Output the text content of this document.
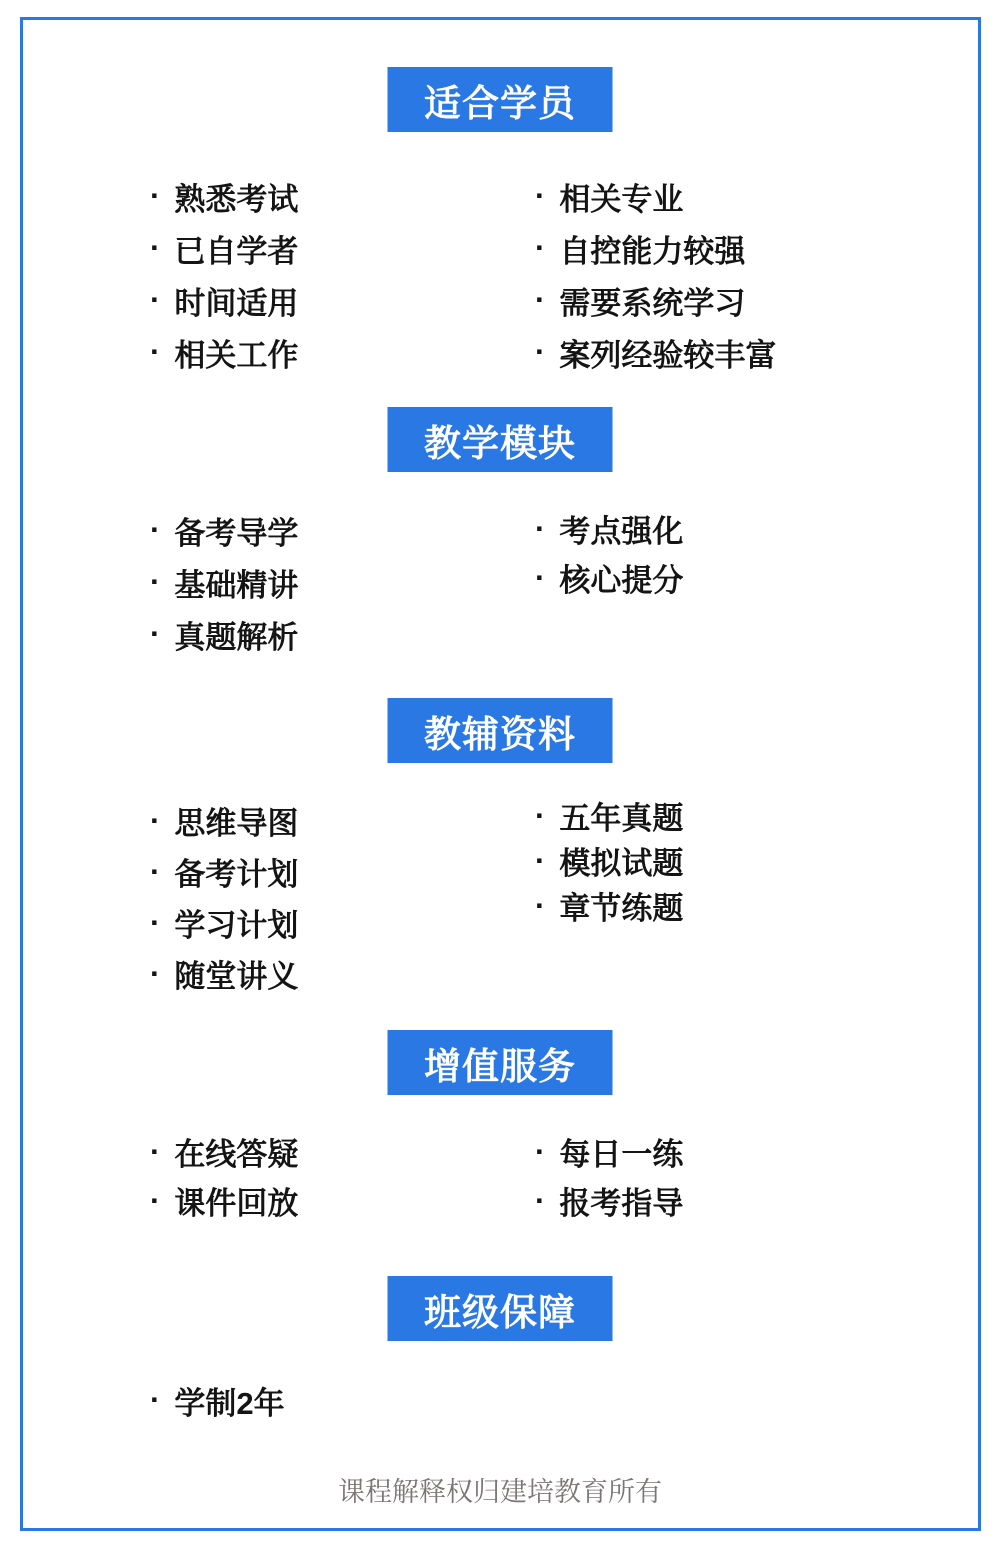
适合学员
· 熟悉考试
· 已自学者
· 时间适用
· 相关工作
· 相关专业
· 自控能力较强
· 需要系统学习
· 案列经验较丰富
教学模块
· 备考导学
· 基础精讲
· 真题解析
· 考点强化
· 核心提分
教辅资料
· 思维导图
· 备考计划
· 学习计划
· 随堂讲义
· 五年真题
· 模拟试题
· 章节练题
增值服务
· 在线答疑
· 课件回放
· 每日一练
· 报考指导
班级保障
· 学制2年
课程解释权归建培教育所有
